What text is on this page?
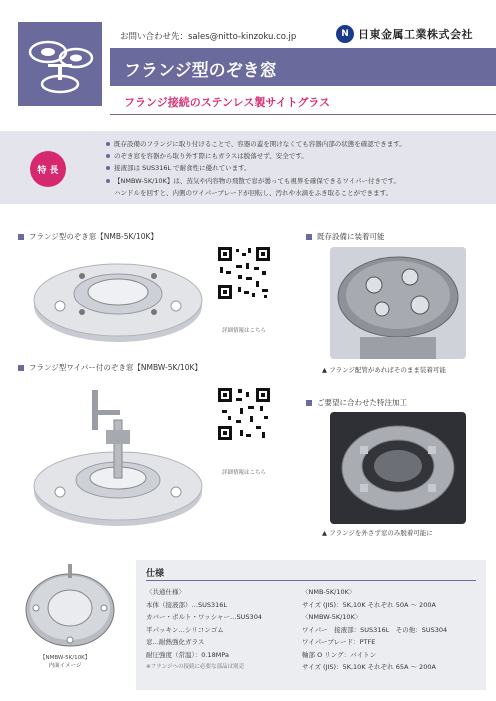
お問い合わせ先：sales@nitto-kinzoku.co.jp	N 日東金属工業株式会社
フランジ型のぞき窓
フランジ接続のステンレス製サイトグラス
特 長
既存設備のフランジに取り付けることで、容器の蓋を開けなくても容器内部の状態を確認できます。
のぞき窓を容器から取り外す際にもガラスは脱落せず、安全です。
接液部は SUS316L で耐食性に優れています。
【NMBW-5K/10K】は、蒸気や内容物の飛散で窓が曇っても視界を確保できるワイパー付きです。
ハンドルを回すと、内側のワイパーブレードが回転し、汚れや水滴をふき取ることができます。
フランジ型のぞき窓【NMB-5K/10K】
詳細情報はこちら
フランジ型ワイパー付のぞき窓【NMBW-5K/10K】
詳細情報はこちら
既存設備に装着可能
▲ フランジ配管があればそのまま装着可能
ご要望に合わせた特注加工
▲ フランジを外さず窓のみ脱着可能に
【NMBW-5K/10K】
内面イメージ
仕様
〈共通仕様〉
本体（接液部）…SUS316L
カバー・ボルト・ワッシャー…SUS304
平パッキン…シリコンゴム
窓…耐熱強化ガラス
耐圧強度（常温）：0.18MPa
※フランジへの接続に必要な部品は別売
〈NMB-5K/10K〉
サイズ (JIS)：5K,10K それぞれ 50A ～ 200A
〈NMBW-5K/10K〉
ワイパー　接液部：SUS316L　その他：SUS304
ワイパーブレード：PTFE
軸部 O リング：バイトン
サイズ (JIS)：5K,10K それぞれ 65A ～ 200A
